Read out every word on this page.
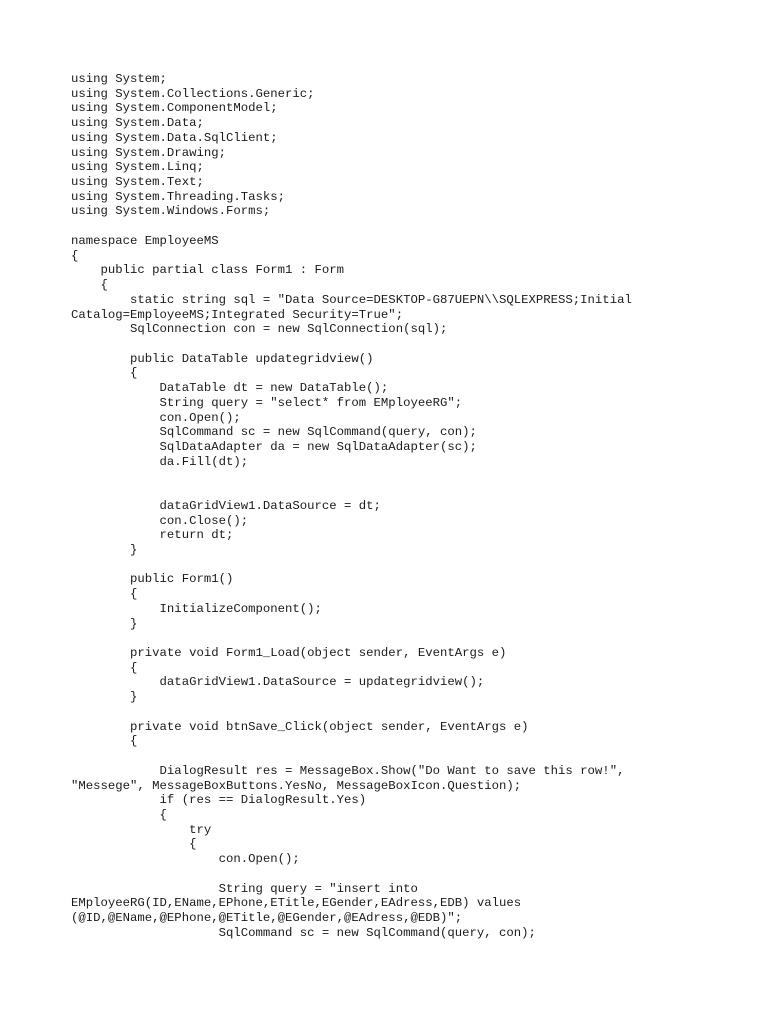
using System;
using System.Collections.Generic;
using System.ComponentModel;
using System.Data;
using System.Data.SqlClient;
using System.Drawing;
using System.Linq;
using System.Text;
using System.Threading.Tasks;
using System.Windows.Forms;
namespace EmployeeMS
{
public partial class Form1 : Form
{
static string sql = "Data Source=DESKTOP-G87UEPN\\SQLEXPRESS;Initial
Catalog=EmployeeMS;Integrated Security=True";
SqlConnection con = new SqlConnection(sql);
public DataTable updategridview()
{
DataTable dt = new DataTable();
String query = "select* from EMployeeRG";
con.Open();
SqlCommand sc = new SqlCommand(query, con);
SqlDataAdapter da = new SqlDataAdapter(sc);
da.Fill(dt);
dataGridView1.DataSource = dt;
con.Close();
return dt;
}
public Form1()
{
InitializeComponent();
}
private void Form1_Load(object sender, EventArgs e)
{
dataGridView1.DataSource = updategridview();
}
private void btnSave_Click(object sender, EventArgs e)
{
DialogResult res = MessageBox.Show("Do Want to save this row!",
"Messege", MessageBoxButtons.YesNo, MessageBoxIcon.Question);
if (res == DialogResult.Yes)
{
try
{
con.Open();
String query = "insert into
EMployeeRG(ID,EName,EPhone,ETitle,EGender,EAdress,EDB) values
(@ID,@EName,@EPhone,@ETitle,@EGender,@EAdress,@EDB)";
SqlCommand sc = new SqlCommand(query, con);
